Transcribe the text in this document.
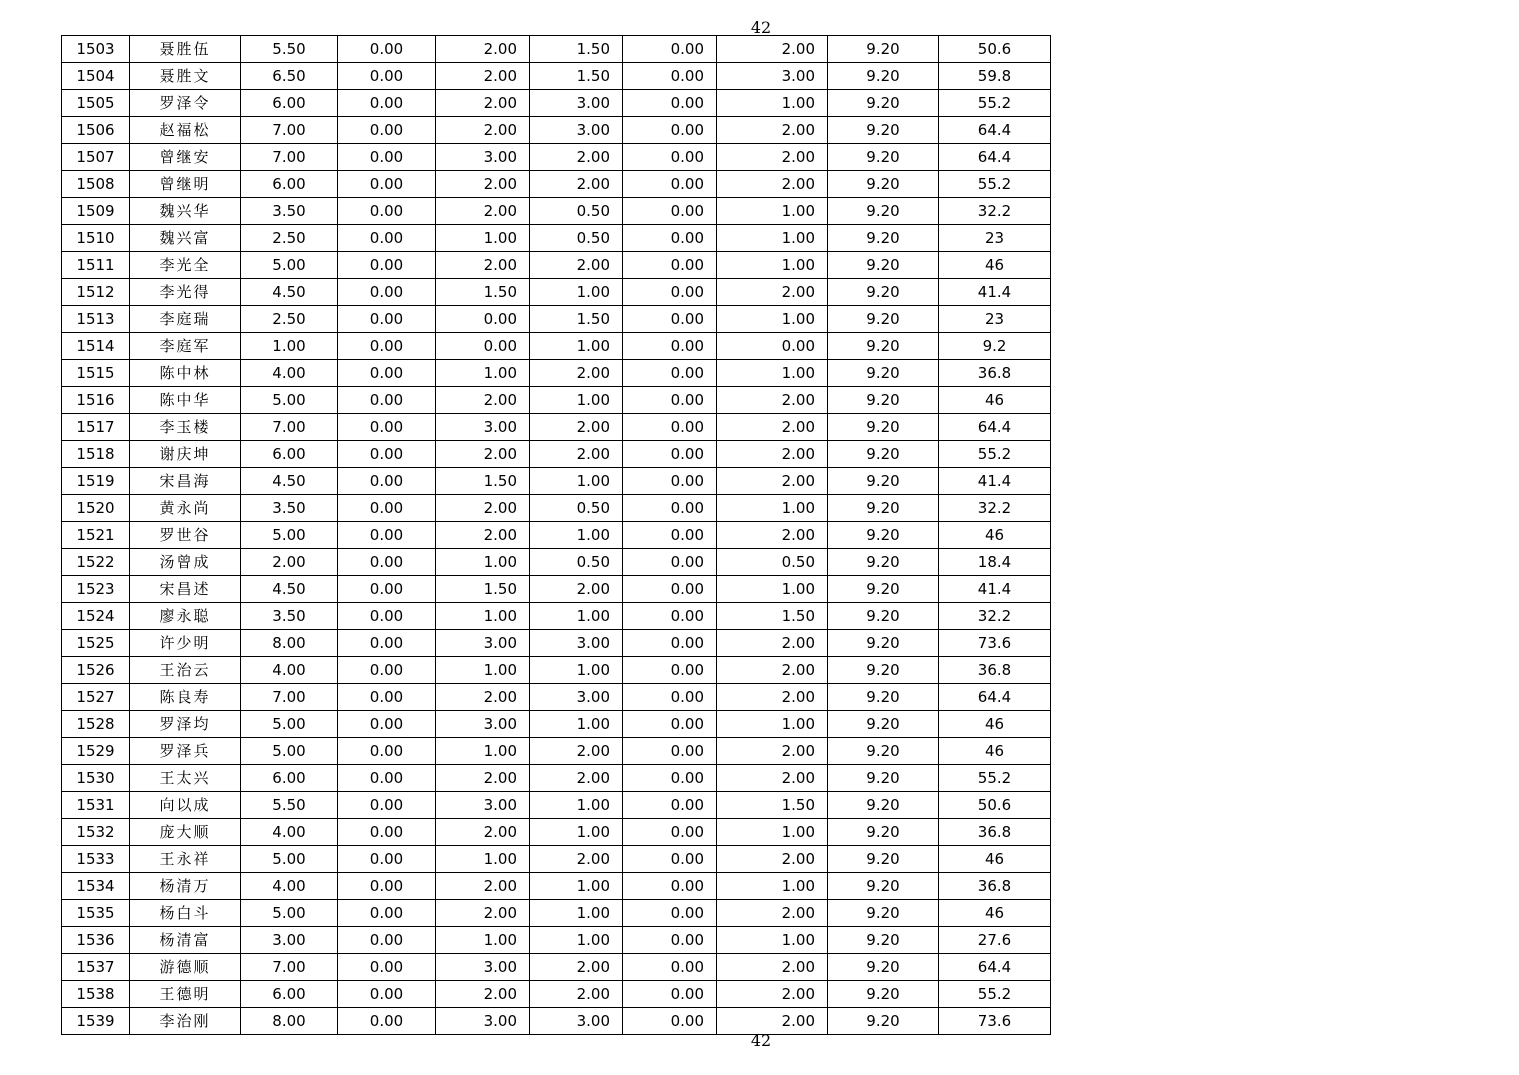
42
1503	聂胜伍	5.50	0.00	2.00	1.50	0.00	2.00	9.20	50.6
1504	聂胜文	6.50	0.00	2.00	1.50	0.00	3.00	9.20	59.8
1505	罗泽令	6.00	0.00	2.00	3.00	0.00	1.00	9.20	55.2
1506	赵福松	7.00	0.00	2.00	3.00	0.00	2.00	9.20	64.4
1507	曾继安	7.00	0.00	3.00	2.00	0.00	2.00	9.20	64.4
1508	曾继明	6.00	0.00	2.00	2.00	0.00	2.00	9.20	55.2
1509	魏兴华	3.50	0.00	2.00	0.50	0.00	1.00	9.20	32.2
1510	魏兴富	2.50	0.00	1.00	0.50	0.00	1.00	9.20	23
1511	李光全	5.00	0.00	2.00	2.00	0.00	1.00	9.20	46
1512	李光得	4.50	0.00	1.50	1.00	0.00	2.00	9.20	41.4
1513	李庭瑞	2.50	0.00	0.00	1.50	0.00	1.00	9.20	23
1514	李庭军	1.00	0.00	0.00	1.00	0.00	0.00	9.20	9.2
1515	陈中林	4.00	0.00	1.00	2.00	0.00	1.00	9.20	36.8
1516	陈中华	5.00	0.00	2.00	1.00	0.00	2.00	9.20	46
1517	李玉楼	7.00	0.00	3.00	2.00	0.00	2.00	9.20	64.4
1518	谢庆坤	6.00	0.00	2.00	2.00	0.00	2.00	9.20	55.2
1519	宋昌海	4.50	0.00	1.50	1.00	0.00	2.00	9.20	41.4
1520	黄永尚	3.50	0.00	2.00	0.50	0.00	1.00	9.20	32.2
1521	罗世谷	5.00	0.00	2.00	1.00	0.00	2.00	9.20	46
1522	汤曾成	2.00	0.00	1.00	0.50	0.00	0.50	9.20	18.4
1523	宋昌述	4.50	0.00	1.50	2.00	0.00	1.00	9.20	41.4
1524	廖永聪	3.50	0.00	1.00	1.00	0.00	1.50	9.20	32.2
1525	许少明	8.00	0.00	3.00	3.00	0.00	2.00	9.20	73.6
1526	王治云	4.00	0.00	1.00	1.00	0.00	2.00	9.20	36.8
1527	陈良寿	7.00	0.00	2.00	3.00	0.00	2.00	9.20	64.4
1528	罗泽均	5.00	0.00	3.00	1.00	0.00	1.00	9.20	46
1529	罗泽兵	5.00	0.00	1.00	2.00	0.00	2.00	9.20	46
1530	王太兴	6.00	0.00	2.00	2.00	0.00	2.00	9.20	55.2
1531	向以成	5.50	0.00	3.00	1.00	0.00	1.50	9.20	50.6
1532	庞大顺	4.00	0.00	2.00	1.00	0.00	1.00	9.20	36.8
1533	王永祥	5.00	0.00	1.00	2.00	0.00	2.00	9.20	46
1534	杨清万	4.00	0.00	2.00	1.00	0.00	1.00	9.20	36.8
1535	杨白斗	5.00	0.00	2.00	1.00	0.00	2.00	9.20	46
1536	杨清富	3.00	0.00	1.00	1.00	0.00	1.00	9.20	27.6
1537	游德顺	7.00	0.00	3.00	2.00	0.00	2.00	9.20	64.4
1538	王德明	6.00	0.00	2.00	2.00	0.00	2.00	9.20	55.2
1539	李治刚	8.00	0.00	3.00	3.00	0.00	2.00	9.20	73.6
42
